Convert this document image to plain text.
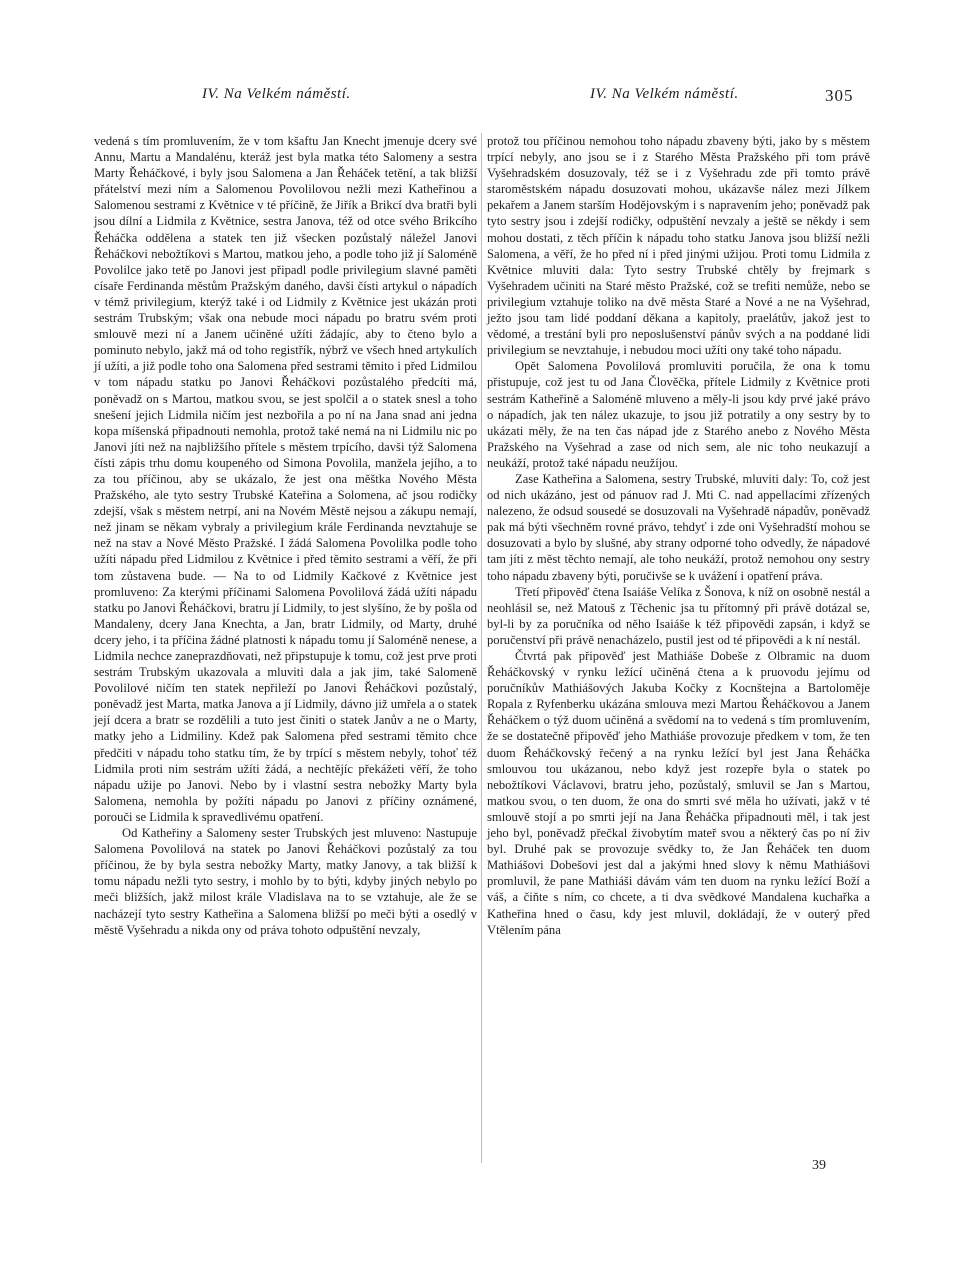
IV. Na Velkém náměstí.	IV. Na Velkém náměstí.	305

vedená s tím promluvením, že v tom kšaftu Jan Knecht jmenuje dcery své Annu, Martu a Mandalénu, kteráž jest byla matka této Salomeny a sestra Marty Řeháčkové, i byly jsou Salomena a Jan Řeháček tetění, a tak bližší přátelství mezi ním a Salomenou Povolilovou nežli mezi Katheřinou a Salomenou sestrami z Květnice v té příčině, že Jiřík a Brikcí dva bratři byli jsou dílní a Lidmila z Květnice, sestra Janova, též od otce svého Brikcího Řeháčka oddělena a statek ten již všecken pozůstalý náležel Janovi Řeháčkovi nebožtíkovi s Martou, matkou jeho, a podle toho již jí Saloméně Povolilce jako tetě po Janovi jest připadl podle privilegium slavné paměti císaře Ferdinanda městům Pražským daného, davši čísti artykul o nápadích v témž privilegium, kterýž také i od Lidmily z Květnice jest ukázán proti sestrám Trubským; však ona nebude moci nápadu po bratru svém proti smlouvě mezi ní a Janem učiněné užíti žádajíc, aby to čteno bylo a pominuto nebylo, jakž má od toho registřík, nýbrž ve všech hned artykulích jí užíti, a již podle toho ona Salomena před sestrami těmito i před Lidmilou v tom nápadu statku po Janovi Řeháčkovi pozůstalého předcíti má, poněvadž on s Martou, matkou svou, se jest spolčil a o statek snesl a toho snešení jejich Lidmila ničím jest nezbořila a po ní na Jana snad ani jedna kopa míšenská připadnouti nemohla, protož také nemá na ni Lidmilu nic po Janovi jíti než na najbližšího přítele s městem trpícího, davši týž Salomena čísti zápis trhu domu koupeného od Simona Povolila, manžela jejího, a to za tou příčinou, aby se ukázalo, že jest ona měštka Nového Města Pražského, ale tyto sestry Trubské Kateřina a Solomena, ač jsou rodičky zdejší, však s městem netrpí, ani na Novém Městě nejsou a zákupu nemají, než jinam se někam vybraly a privilegium krále Ferdinanda nevztahuje se než na stav a Nové Město Pražské. I žádá Salomena Povolilka podle toho užíti nápadu před Lidmilou z Květnice i před těmito sestrami a věří, že při tom zůstavena bude. — Na to od Lidmily Kačkové z Květnice jest promluveno: Za kterými příčinami Salomena Povolilová žádá užíti nápadu statku po Janovi Řeháčkovi, bratru jí Lidmily, to jest slyšíno, že by pošla od Mandaleny, dcery Jana Knechta, a Jan, bratr Lidmily, od Marty, druhé dcery jeho, i ta příčina žádné platnosti k nápadu tomu jí Saloméně nenese, a Lidmila nechce zaneprazdňovati, než připstupuje k tomu, což jest prve proti sestrám Trubským ukazovala a mluviti dala a jak jim, také Salomeně Povolilové ničím ten statek nepřileží po Janovi Řeháčkovi pozůstalý, poněvadž jest Marta, matka Janova a jí Lidmily, dávno již umřela a o statek její dcera a bratr se rozdělili a tuto jest činiti o statek Janův a ne o Marty, matky jeho a Lidmiliny. Kdež pak Salomena před sestrami těmito chce předčiti v nápadu toho statku tím, že by trpící s městem nebyly, tohoť též Lidmila proti nim sestrám užíti žádá, a nechtějíc překážeti věří, že toho nápadu užije po Janovi. Nebo by i vlastní sestra nebožky Marty byla Salomena, nemohla by požíti nápadu po Janovi z příčiny oznámené, porouči se Lidmila k spravedlivému opatření.

Od Katheřiny a Salomeny sester Trubských jest mluveno: Nastupuje Salomena Povolilová na statek po Janovi Řeháčkovi pozůstalý za tou příčinou, že by byla sestra nebožky Marty, matky Janovy, a tak bližší k tomu nápadu nežli tyto sestry, i mohlo by to býti, kdyby jiných nebylo po meči bližších, jakž milost krále Vladislava na to se vztahuje, ale že se nacházejí tyto sestry Katheřina a Salomena bližší po meči býti a osedlý v městě Vyšehradu a nikda ony od práva tohoto odpuštění nevzaly,

protož tou příčinou nemohou toho nápadu zbaveny býti, jako by s městem trpící nebyly, ano jsou se i z Starého Města Pražského při tom právě Vyšehradském dosuzovaly, též se i z Vyšehradu zde při tomto právě staroměstském nápadu dosuzovati mohou, ukázavše nález mezi Jílkem pekařem a Janem starším Hodějovským i s napravením jeho; poněvadž pak tyto sestry jsou i zdejší rodičky, odpuštění nevzaly a ještě se někdy i sem mohou dostati, z těch příčin k nápadu toho statku Janova jsou bližší nežli Salomena, a věří, že ho před ní i před jinými užijou. Proti tomu Lidmila z Květnice mluviti dala: Tyto sestry Trubské chtěly by frejmark s Vyšehradem učiniti na Staré město Pražské, což se trefiti nemůže, nebo se privilegium vztahuje toliko na dvě města Staré a Nové a ne na Vyšehrad, ježto jsou tam lidé poddaní děkana a kapitoly, praelátův, jakož jest to vědomé, a trestání byli pro neposlušenství pánův svých a na poddané lidi privilegium se nevztahuje, i nebudou moci užíti ony také toho nápadu.

Opět Salomena Povolilová promluviti poručila, že ona k tomu přistupuje, což jest tu od Jana Člověčka, přítele Lidmily z Květnice proti sestrám Katheřině a Saloméně mluveno a měly-li jsou kdy prvé jaké právo o nápadích, jak ten nález ukazuje, to jsou již potratily a ony sestry by to ukázati měly, že na ten čas nápad jde z Starého anebo z Nového Města Pražského na Vyšehrad a zase od nich sem, ale nic toho neukazují a neukáží, protož také nápadu neužíjou.

Zase Katheřina a Salomena, sestry Trubské, mluviti daly: To, což jest od nich ukázáno, jest od pánuov rad J. Mti C. nad appellacími zřízených nalezeno, že odsud sousedé se dosuzovali na Vyšehradě nápadův, poněvadž pak má býti všechněm rovné právo, tehdyť i zde oni Vyšehradští mohou se dosuzovati a bylo by slušné, aby strany odporné toho odvedly, že nápadové tam jíti z měst těchto nemají, ale toho neukáží, protož nemohou ony sestry toho nápadu zbaveny býti, poručivše se k uvážení i opatření práva.

Třetí připověď čtena Isaiáše Velíka z Šonova, k níž on osobně nestál a neohlásil se, než Matouš z Těchenic jsa tu přítomný při právě dotázal se, byl-li by za poručníka od něho Isaiáše k též připovědi zapsán, i když se poručenství při právě nenacházelo, pustil jest od té připovědi a k ní nestál.

Čtvrtá pak připověď jest Mathiáše Dobeše z Olbramic na duom Řeháčkovský v rynku ležící učiněná čtena a k pruovodu jejímu od poručníkův Mathiášových Jakuba Kočky z Kocnštejna a Bartoloměje Ropala z Ryfenberku ukázána smlouva mezi Martou Řeháčkovou a Janem Řeháčkem o týž duom učiněná a svědomí na to vedená s tím promluvením, že se dostatečně připověď jeho Mathiáše provozuje předkem v tom, že ten duom Řeháčkovský řečený a na rynku ležící byl jest Jana Řeháčka smlouvou tou ukázanou, nebo když jest rozepře byla o statek po nebožtíkovi Václavovi, bratru jeho, pozůstalý, smluvil se Jan s Martou, matkou svou, o ten duom, že ona do smrti své měla ho užívati, jakž v té smlouvě stojí a po smrti její na Jana Řeháčka připadnouti měl, i tak jest jeho byl, poněvadž přečkal živobytím mateř svou a některý čas po ní živ byl. Druhé pak se provozuje svědky to, že Jan Řeháček ten duom Mathiášovi Dobešovi jest dal a jakými hned slovy k němu Mathiášovi promluvil, že pane Mathiáši dávám vám ten duom na rynku ležící Boží a váš, a čiňte s ním, co chcete, a ti dva svědkové Mandalena kuchařka a Katheřina hned o času, kdy jest mluvil, dokládají, že v outerý před Vtělením pána

39
